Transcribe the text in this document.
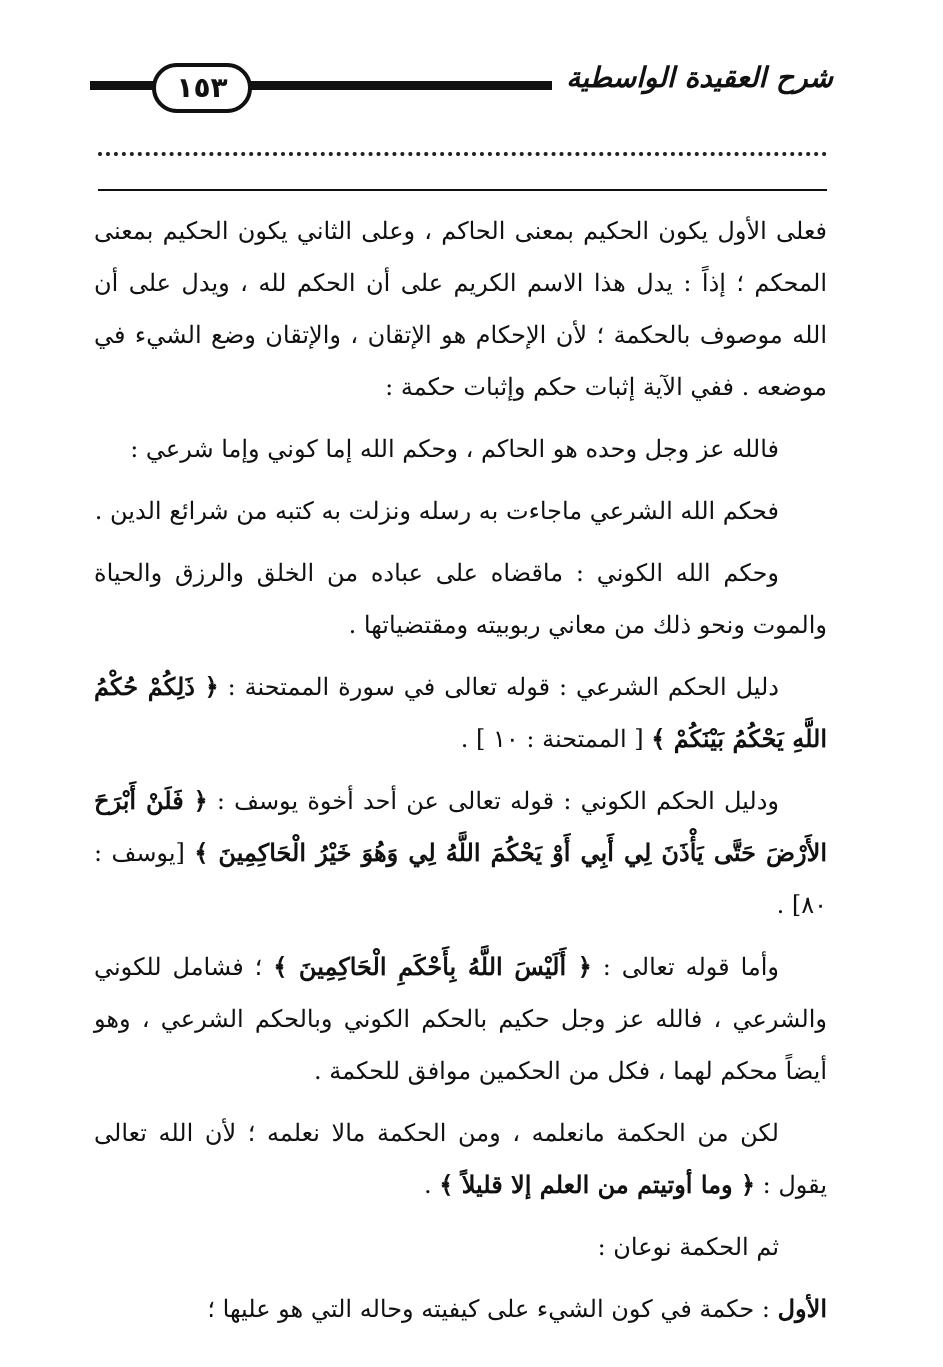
شرح العقيدة الواسطية
١٥٣

فعلى الأول يكون الحكيم بمعنى الحاكم ، وعلى الثاني يكون الحكيم بمعنى المحكم ؛ إذاً : يدل هذا الاسم الكريم على أن الحكم لله ، ويدل على أن الله موصوف بالحكمة ؛ لأن الإحكام هو الإتقان ، والإتقان وضع الشيء في موضعه . ففي الآية إثبات حكم وإثبات حكمة :

فالله عز وجل وحده هو الحاكم ، وحكم الله إما كوني وإما شرعي :

فحكم الله الشرعي ماجاءت به رسله ونزلت به كتبه من شرائع الدين .

وحكم الله الكوني : ماقضاه على عباده من الخلق والرزق والحياة والموت ونحو ذلك من معاني ربوبيته ومقتضياتها .

دليل الحكم الشرعي : قوله تعالى في سورة الممتحنة : ﴿ ذَلِكُمْ حُكْمُ اللَّهِ يَحْكُمُ بَيْنَكُمْ ﴾ [ الممتحنة : ١٠ ] .

ودليل الحكم الكوني : قوله تعالى عن أحد أخوة يوسف : ﴿ فَلَنْ أَبْرَحَ الأَرْضَ حَتَّى يَأْذَنَ لِي أَبِي أَوْ يَحْكُمَ اللَّهُ لِي وَهُوَ خَيْرُ الْحَاكِمِينَ ﴾ [يوسف : ٨٠] .

وأما قوله تعالى : ﴿ أَلَيْسَ اللَّهُ بِأَحْكَمِ الْحَاكِمِينَ ﴾ ؛ فشامل للكوني والشرعي ، فالله عز وجل حكيم بالحكم الكوني وبالحكم الشرعي ، وهو أيضاً محكم لهما ، فكل من الحكمين موافق للحكمة .

لكن من الحكمة مانعلمه ، ومن الحكمة مالا نعلمه ؛ لأن الله تعالى يقول : ﴿ وما أوتيتم من العلم إلا قليلاً ﴾ .

ثم الحكمة نوعان :

الأول : حكمة في كون الشيء على كيفيته وحاله التي هو عليها ؛
